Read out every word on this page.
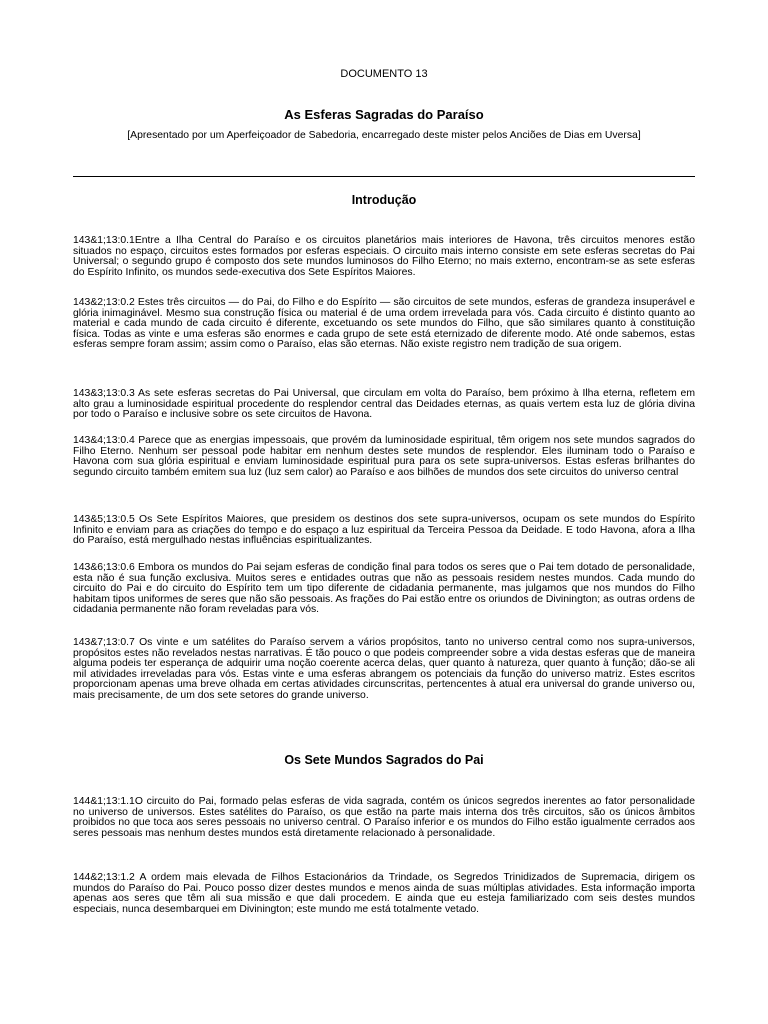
DOCUMENTO 13
As Esferas Sagradas do Paraíso
[Apresentado por um Aperfeiçoador de Sabedoria, encarregado deste mister pelos Anciões de Dias em Uversa]
Introdução

143&1;13:0.1Entre a Ilha Central do Paraíso e os circuitos planetários mais interiores de Havona, três circuitos menores estão situados no espaço, circuitos estes formados por esferas especiais. O circuito mais interno consiste em sete esferas secretas do Pai Universal; o segundo grupo é composto dos sete mundos luminosos do Filho Eterno; no mais externo, encontram-se as sete esferas do Espírito Infinito, os mundos sede-executiva dos Sete Espíritos Maiores.

143&2;13:0.2 Estes três circuitos — do Pai, do Filho e do Espírito — são circuitos de sete mundos, esferas de grandeza insuperável e glória inimaginável. Mesmo sua construção física ou material é de uma ordem irrevelada para vós. Cada circuito é distinto quanto ao material e cada mundo de cada circuito é diferente, excetuando os sete mundos do Filho, que são similares quanto à constituição física. Todas as vinte e uma esferas são enormes e cada grupo de sete está eternizado de diferente modo. Até onde sabemos, estas esferas sempre foram assim; assim como o Paraíso, elas são eternas. Não existe registro nem tradição de sua origem.

143&3;13:0.3 As sete esferas secretas do Pai Universal, que circulam em volta do Paraíso, bem próximo à Ilha eterna, refletem em alto grau a luminosidade espiritual procedente do resplendor central das Deidades eternas, as quais vertem esta luz de glória divina por todo o Paraíso e inclusive sobre os sete circuitos de Havona.

143&4;13:0.4 Parece que as energias impessoais, que provém da luminosidade espiritual, têm origem nos sete mundos sagrados do Filho Eterno. Nenhum ser pessoal pode habitar em nenhum destes sete mundos de resplendor. Eles iluminam todo o Paraíso e Havona com sua glória espiritual e enviam luminosidade espiritual pura para os sete supra-universos. Estas esferas brilhantes do segundo circuito também emitem sua luz (luz sem calor) ao Paraíso e aos bilhões de mundos dos sete circuitos do universo central

143&5;13:0.5 Os Sete Espíritos Maiores, que presidem os destinos dos sete supra-universos, ocupam os sete mundos do Espírito Infinito e enviam para as criações do tempo e do espaço a luz espiritual da Terceira Pessoa da Deidade. E todo Havona, afora a Ilha do Paraíso, está mergulhado nestas influências espiritualizantes.

143&6;13:0.6 Embora os mundos do Pai sejam esferas de condição final para todos os seres que o Pai tem dotado de personalidade, esta não é sua função exclusiva. Muitos seres e entidades outras que não as pessoais residem nestes mundos. Cada mundo do circuito do Pai e do circuito do Espírito tem um tipo diferente de cidadania permanente, mas julgamos que nos mundos do Filho habitam tipos uniformes de seres que não são pessoais. As frações do Pai estão entre os oriundos de Divinington; as outras ordens de cidadania permanente não foram reveladas para vós.

143&7;13:0.7 Os vinte e um satélites do Paraíso servem a vários propósitos, tanto no universo central como nos supra-universos, propósitos estes não revelados nestas narrativas. É tão pouco o que podeis compreender sobre a vida destas esferas que de maneira alguma podeis ter esperança de adquirir uma noção coerente acerca delas, quer quanto à natureza, quer quanto à função; dão-se ali mil atividades irreveladas para vós. Estas vinte e uma esferas abrangem os potenciais da função do universo matriz. Estes escritos proporcionam apenas uma breve olhada em certas atividades circunscritas, pertencentes à atual era universal do grande universo ou, mais precisamente, de um dos sete setores do grande universo.

Os Sete Mundos Sagrados do Pai

144&1;13:1.1O circuito do Pai, formado pelas esferas de vida sagrada, contém os únicos segredos inerentes ao fator personalidade no universo de universos. Estes satélites do Paraíso, os que estão na parte mais interna dos três circuitos, são os únicos âmbitos proibidos no que toca aos seres pessoais no universo central. O Paraíso inferior e os mundos do Filho estão igualmente cerrados aos seres pessoais mas nenhum destes mundos está diretamente relacionado à personalidade.

144&2;13:1.2 A ordem mais elevada de Filhos Estacionários da Trindade, os Segredos Trinidizados de Supremacia, dirigem os mundos do Paraíso do Pai. Pouco posso dizer destes mundos e menos ainda de suas múltiplas atividades. Esta informação importa apenas aos seres que têm ali sua missão e que dali procedem. E ainda que eu esteja familiarizado com seis destes mundos especiais, nunca desembarquei em Divinington; este mundo me está totalmente vetado.
